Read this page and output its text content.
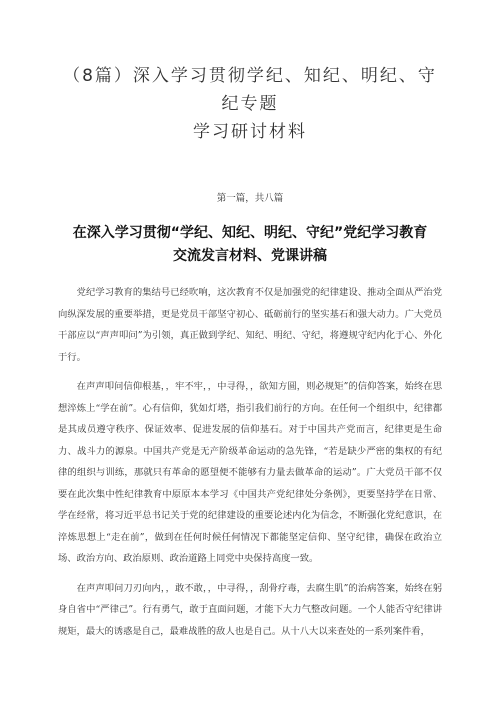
（8篇）深入学习贯彻学纪、知纪、明纪、守纪专题
学习研讨材料

第一篇，共八篇

在深入学习贯彻“学纪、知纪、明纪、守纪”党纪学习教育
交流发言材料、党课讲稿

党纪学习教育的集结号已经吹响，这次教育不仅是加强党的纪律建设、推动全面从严治党向纵深发展的重要举措，更是党员干部坚守初心、砥砺前行的坚实基石和强大动力。广大党员干部应以“声声叩问”为引领，真正做到学纪、知纪、明纪、守纪，将遵规守纪内化于心、外化于行。

在声声叩问信仰根基，，牢不牢，，中寻得，，欲知方圆，则必规矩”的信仰答案，始终在思想淬炼上“学在前”。心有信仰，犹如灯塔，指引我们前行的方向。在任何一个组织中，纪律都是其成员遵守秩序、保证效率、促进发展的信仰基石。对于中国共产党而言，纪律更是生命力、战斗力的源泉。中国共产党是无产阶级革命运动的急先锋，“若是缺少严密的集权的有纪律的组织与训练，那就只有革命的愿望便不能够有力量去做革命的运动”。广大党员干部不仅要在此次集中性纪律教育中原原本本学习《中国共产党纪律处分条例》，更要坚持学在日常、学在经常，将习近平总书记关于党的纪律建设的重要论述内化为信念，不断强化党纪意识，在淬炼思想上“走在前”，做到在任何时候任何情况下都能坚定信仰、坚守纪律，确保在政治立场、政治方向、政治原则、政治道路上同党中央保持高度一致。

在声声叩问刀刃向内，，敢不敢，，中寻得，，刮骨疗毒，去腐生肌”的治病答案，始终在躬身自省中“严律己”。行有勇气，敢于直面问题，才能下大力气整改问题。一个人能否守纪律讲规矩，最大的诱惑是自己，最难战胜的敌人也是自己。从十八大以来查处的一系列案件看，
